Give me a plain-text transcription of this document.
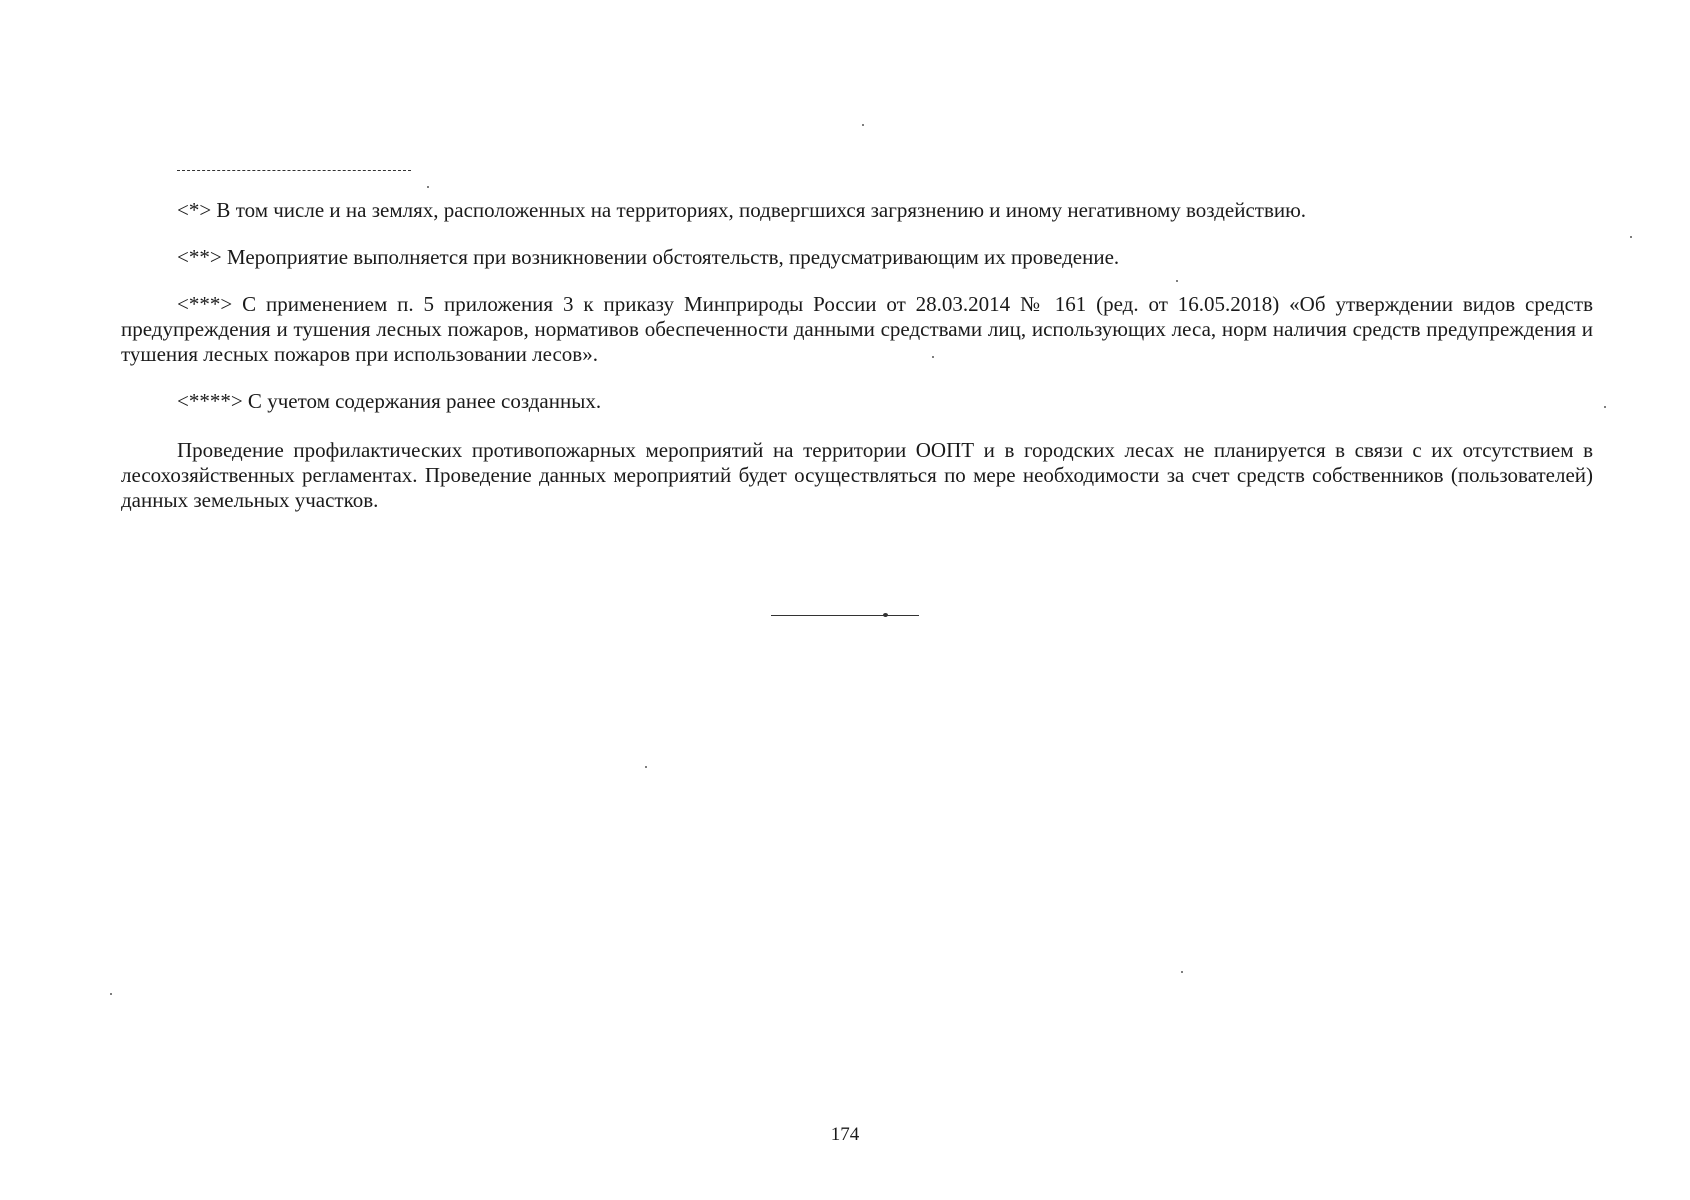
<*> В том числе и на землях, расположенных на территориях, подвергшихся загрязнению и иному негативному воздействию.

<**> Мероприятие выполняется при возникновении обстоятельств, предусматривающим их проведение.

<***> С применением п. 5 приложения 3 к приказу Минприроды России от 28.03.2014 № 161 (ред. от 16.05.2018) «Об утверждении видов средств предупреждения и тушения лесных пожаров, нормативов обеспеченности данными средствами лиц, использующих леса, норм наличия средств предупреждения и тушения лесных пожаров при использовании лесов».

<****> С учетом содержания ранее созданных.

Проведение профилактических противопожарных мероприятий на территории ООПТ и в городских лесах не планируется в связи с их отсутствием в лесохозяйственных регламентах. Проведение данных мероприятий будет осуществляться по мере необходимости за счет средств собственников (пользователей) данных земельных участков.

174
